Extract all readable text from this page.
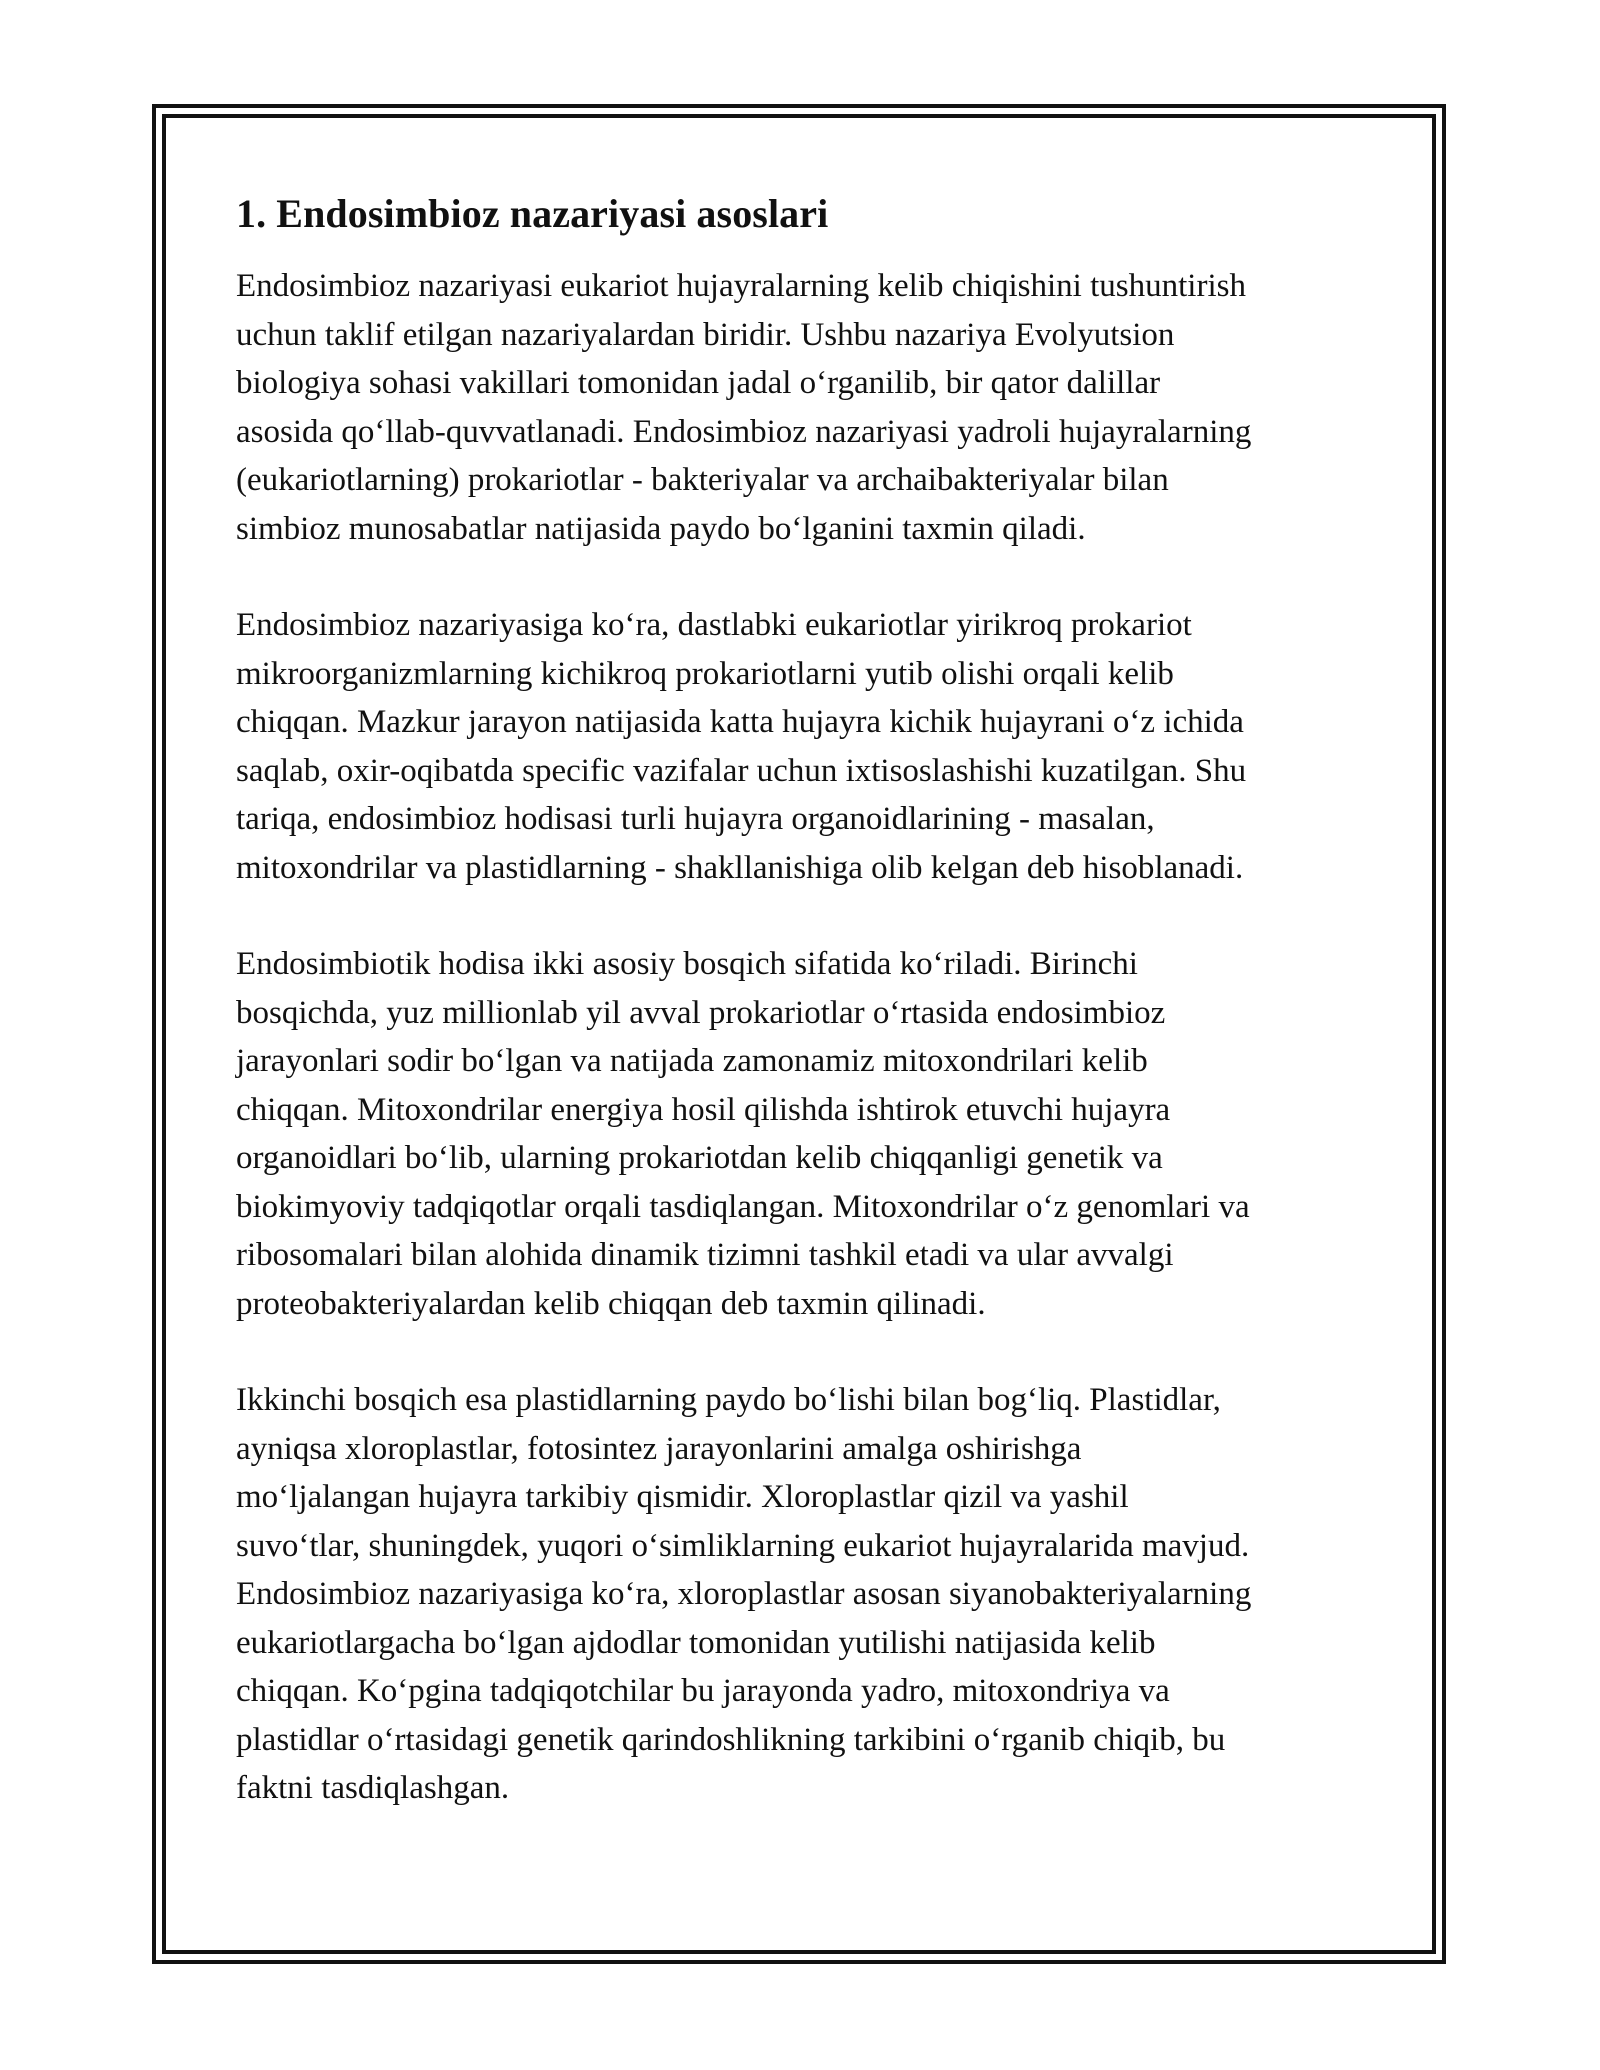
1. Endosimbioz nazariyasi asoslari

Endosimbioz nazariyasi eukariot hujayralarning kelib chiqishini tushuntirish
uchun taklif etilgan nazariyalardan biridir. Ushbu nazariya Evolyutsion
biologiya sohasi vakillari tomonidan jadal o‘rganilib, bir qator dalillar
asosida qo‘llab-quvvatlanadi. Endosimbioz nazariyasi yadroli hujayralarning
(eukariotlarning) prokariotlar - bakteriyalar va archaibakteriyalar bilan
simbioz munosabatlar natijasida paydo bo‘lganini taxmin qiladi.

Endosimbioz nazariyasiga ko‘ra, dastlabki eukariotlar yirikroq prokariot
mikroorganizmlarning kichikroq prokariotlarni yutib olishi orqali kelib
chiqqan. Mazkur jarayon natijasida katta hujayra kichik hujayrani o‘z ichida
saqlab, oxir-oqibatda specific vazifalar uchun ixtisoslashishi kuzatilgan. Shu
tariqa, endosimbioz hodisasi turli hujayra organoidlarining - masalan,
mitoxondrilar va plastidlarning - shakllanishiga olib kelgan deb hisoblanadi.

Endosimbiotik hodisa ikki asosiy bosqich sifatida ko‘riladi. Birinchi
bosqichda, yuz millionlab yil avval prokariotlar o‘rtasida endosimbioz
jarayonlari sodir bo‘lgan va natijada zamonamiz mitoxondrilari kelib
chiqqan. Mitoxondrilar energiya hosil qilishda ishtirok etuvchi hujayra
organoidlari bo‘lib, ularning prokariotdan kelib chiqqanligi genetik va
biokimyoviy tadqiqotlar orqali tasdiqlangan. Mitoxondrilar o‘z genomlari va
ribosomalari bilan alohida dinamik tizimni tashkil etadi va ular avvalgi
proteobakteriyalardan kelib chiqqan deb taxmin qilinadi.

Ikkinchi bosqich esa plastidlarning paydo bo‘lishi bilan bog‘liq. Plastidlar,
ayniqsa xloroplastlar, fotosintez jarayonlarini amalga oshirishga
mo‘ljalangan hujayra tarkibiy qismidir. Xloroplastlar qizil va yashil
suvo‘tlar, shuningdek, yuqori o‘simliklarning eukariot hujayralarida mavjud.
Endosimbioz nazariyasiga ko‘ra, xloroplastlar asosan siyanobakteriyalarning
eukariotlargacha bo‘lgan ajdodlar tomonidan yutilishi natijasida kelib
chiqqan. Ko‘pgina tadqiqotchilar bu jarayonda yadro, mitoxondriya va
plastidlar o‘rtasidagi genetik qarindoshlikning tarkibini o‘rganib chiqib, bu
faktni tasdiqlashgan.
